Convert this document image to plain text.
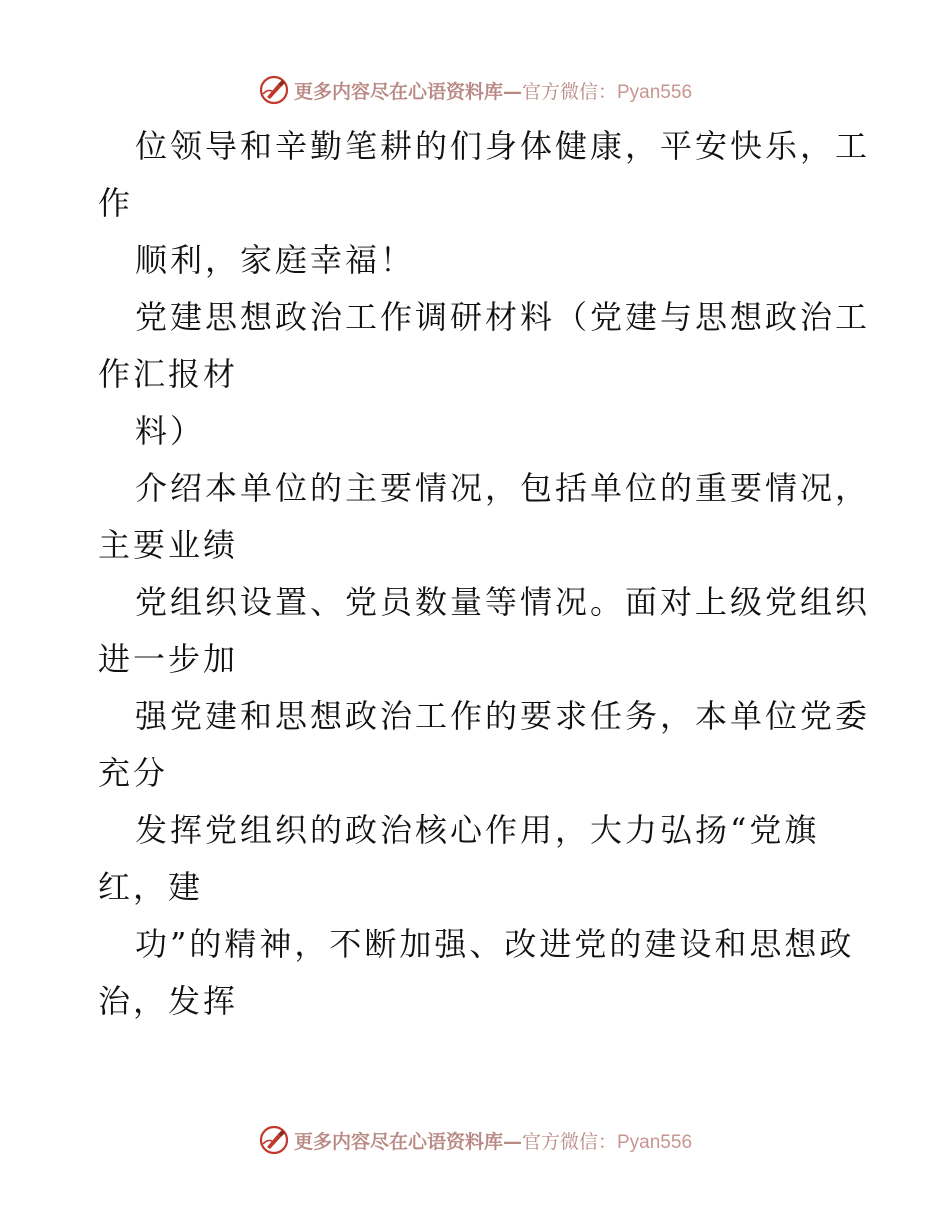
更多内容尽在心语资料库—官方微信：Pyan556
位领导和辛勤笔耕的们身体健康，平安快乐，工
作
顺利，家庭幸福！
党建思想政治工作调研材料（党建与思想政治工
作汇报材
料）
介绍本单位的主要情况，包括单位的重要情况，
主要业绩
党组织设置、党员数量等情况。面对上级党组织
进一步加
强党建和思想政治工作的要求任务，本单位党委
充分
发挥党组织的政治核心作用，大力弘扬“党旗
红，建
功”的精神，不断加强、改进党的建设和思想政
治，发挥
更多内容尽在心语资料库—官方微信：Pyan556
